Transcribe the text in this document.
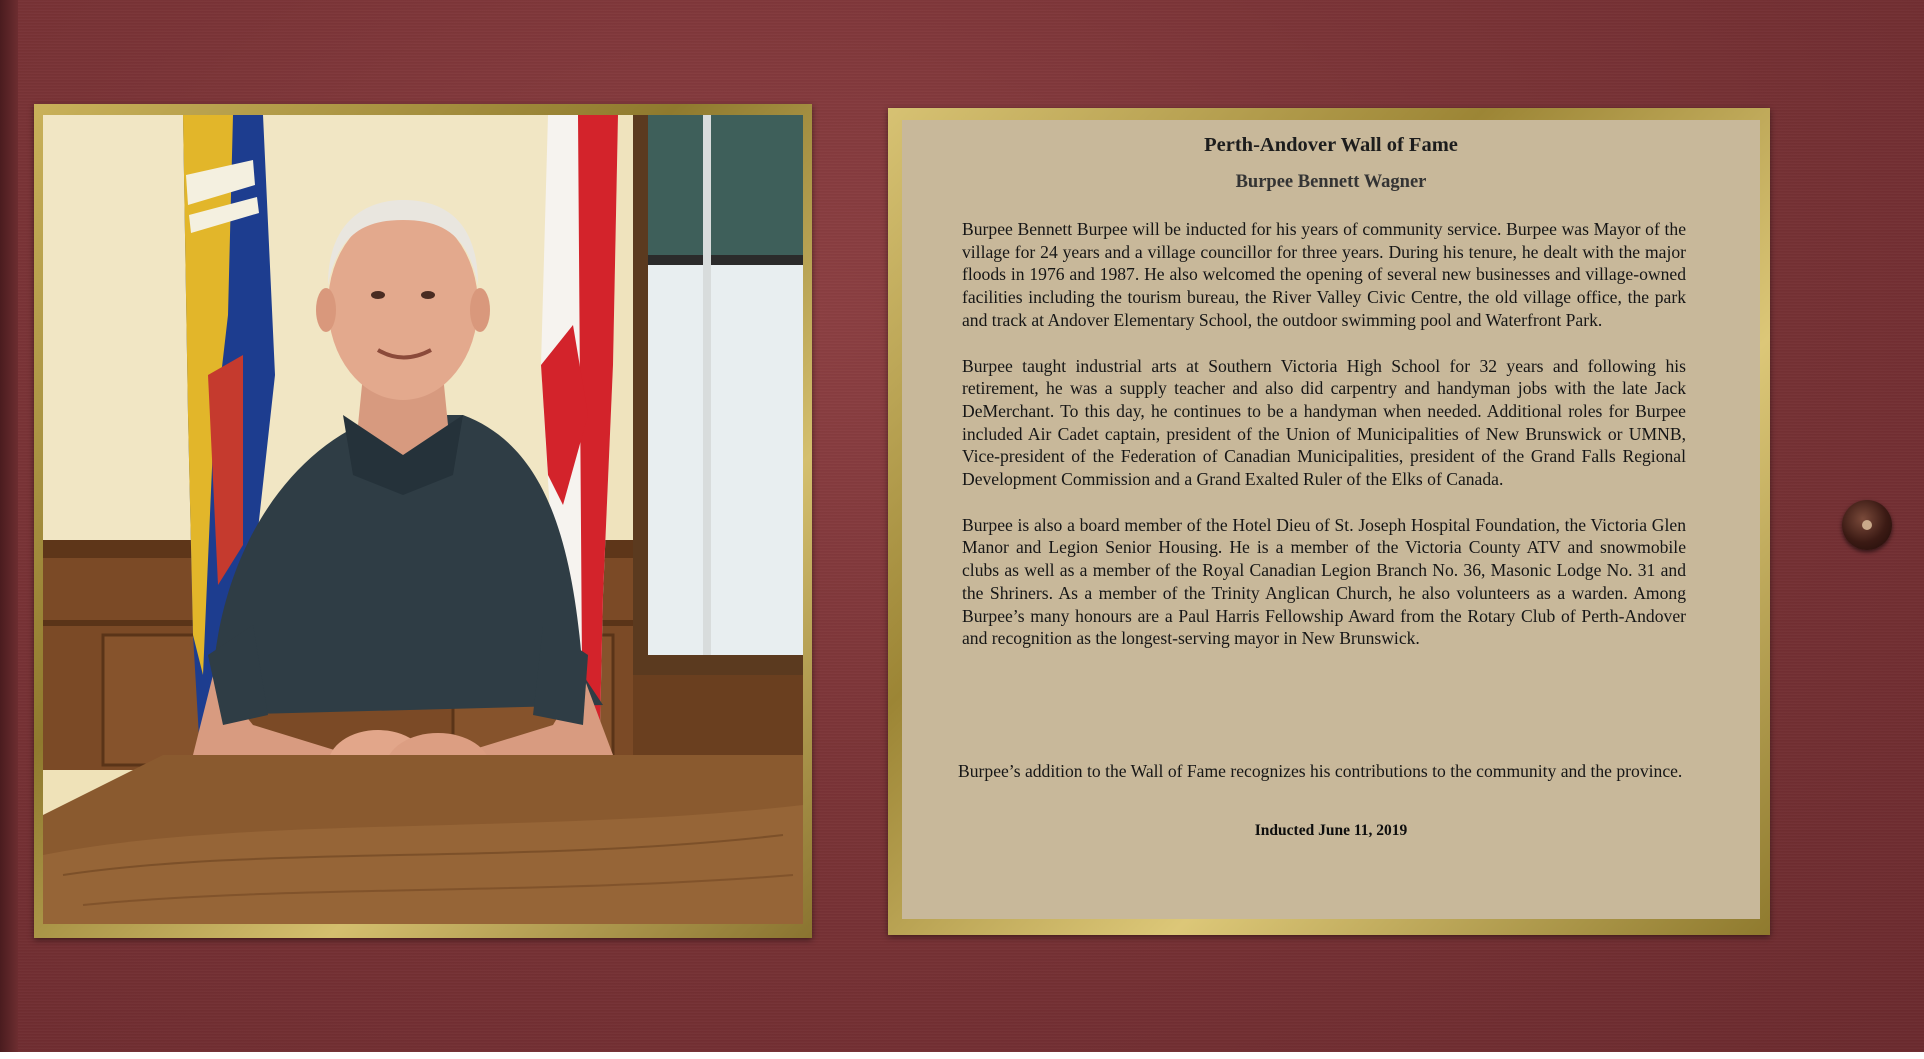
Perth-Andover Wall of Fame
Burpee Bennett Wagner

Burpee Bennett Burpee will be inducted for his years of community service. Burpee was Mayor of the village for 24 years and a village councillor for three years. During his tenure, he dealt with the major floods in 1976 and 1987. He also welcomed the opening of several new businesses and village-owned facilities including the tourism bureau, the River Valley Civic Centre, the old village office, the park and track at Andover Elementary School, the outdoor swimming pool and Waterfront Park.

Burpee taught industrial arts at Southern Victoria High School for 32 years and following his retirement, he was a supply teacher and also did carpentry and handyman jobs with the late Jack DeMerchant. To this day, he continues to be a handyman when needed. Additional roles for Burpee included Air Cadet captain, president of the Union of Municipalities of New Brunswick or UMNB, Vice-president of the Federation of Canadian Municipalities, president of the Grand Falls Regional Development Commission and a Grand Exalted Ruler of the Elks of Canada.

Burpee is also a board member of the Hotel Dieu of St. Joseph Hospital Foundation, the Victoria Glen Manor and Legion Senior Housing. He is a member of the Victoria County ATV and snowmobile clubs as well as a member of the Royal Canadian Legion Branch No. 36, Masonic Lodge No. 31 and the Shriners. As a member of the Trinity Anglican Church, he also volunteers as a warden. Among Burpee’s many honours are a Paul Harris Fellowship Award from the Rotary Club of Perth-Andover and recognition as the longest-serving mayor in New Brunswick.

Burpee’s addition to the Wall of Fame recognizes his contributions to the community and the province.

Inducted June 11, 2019
